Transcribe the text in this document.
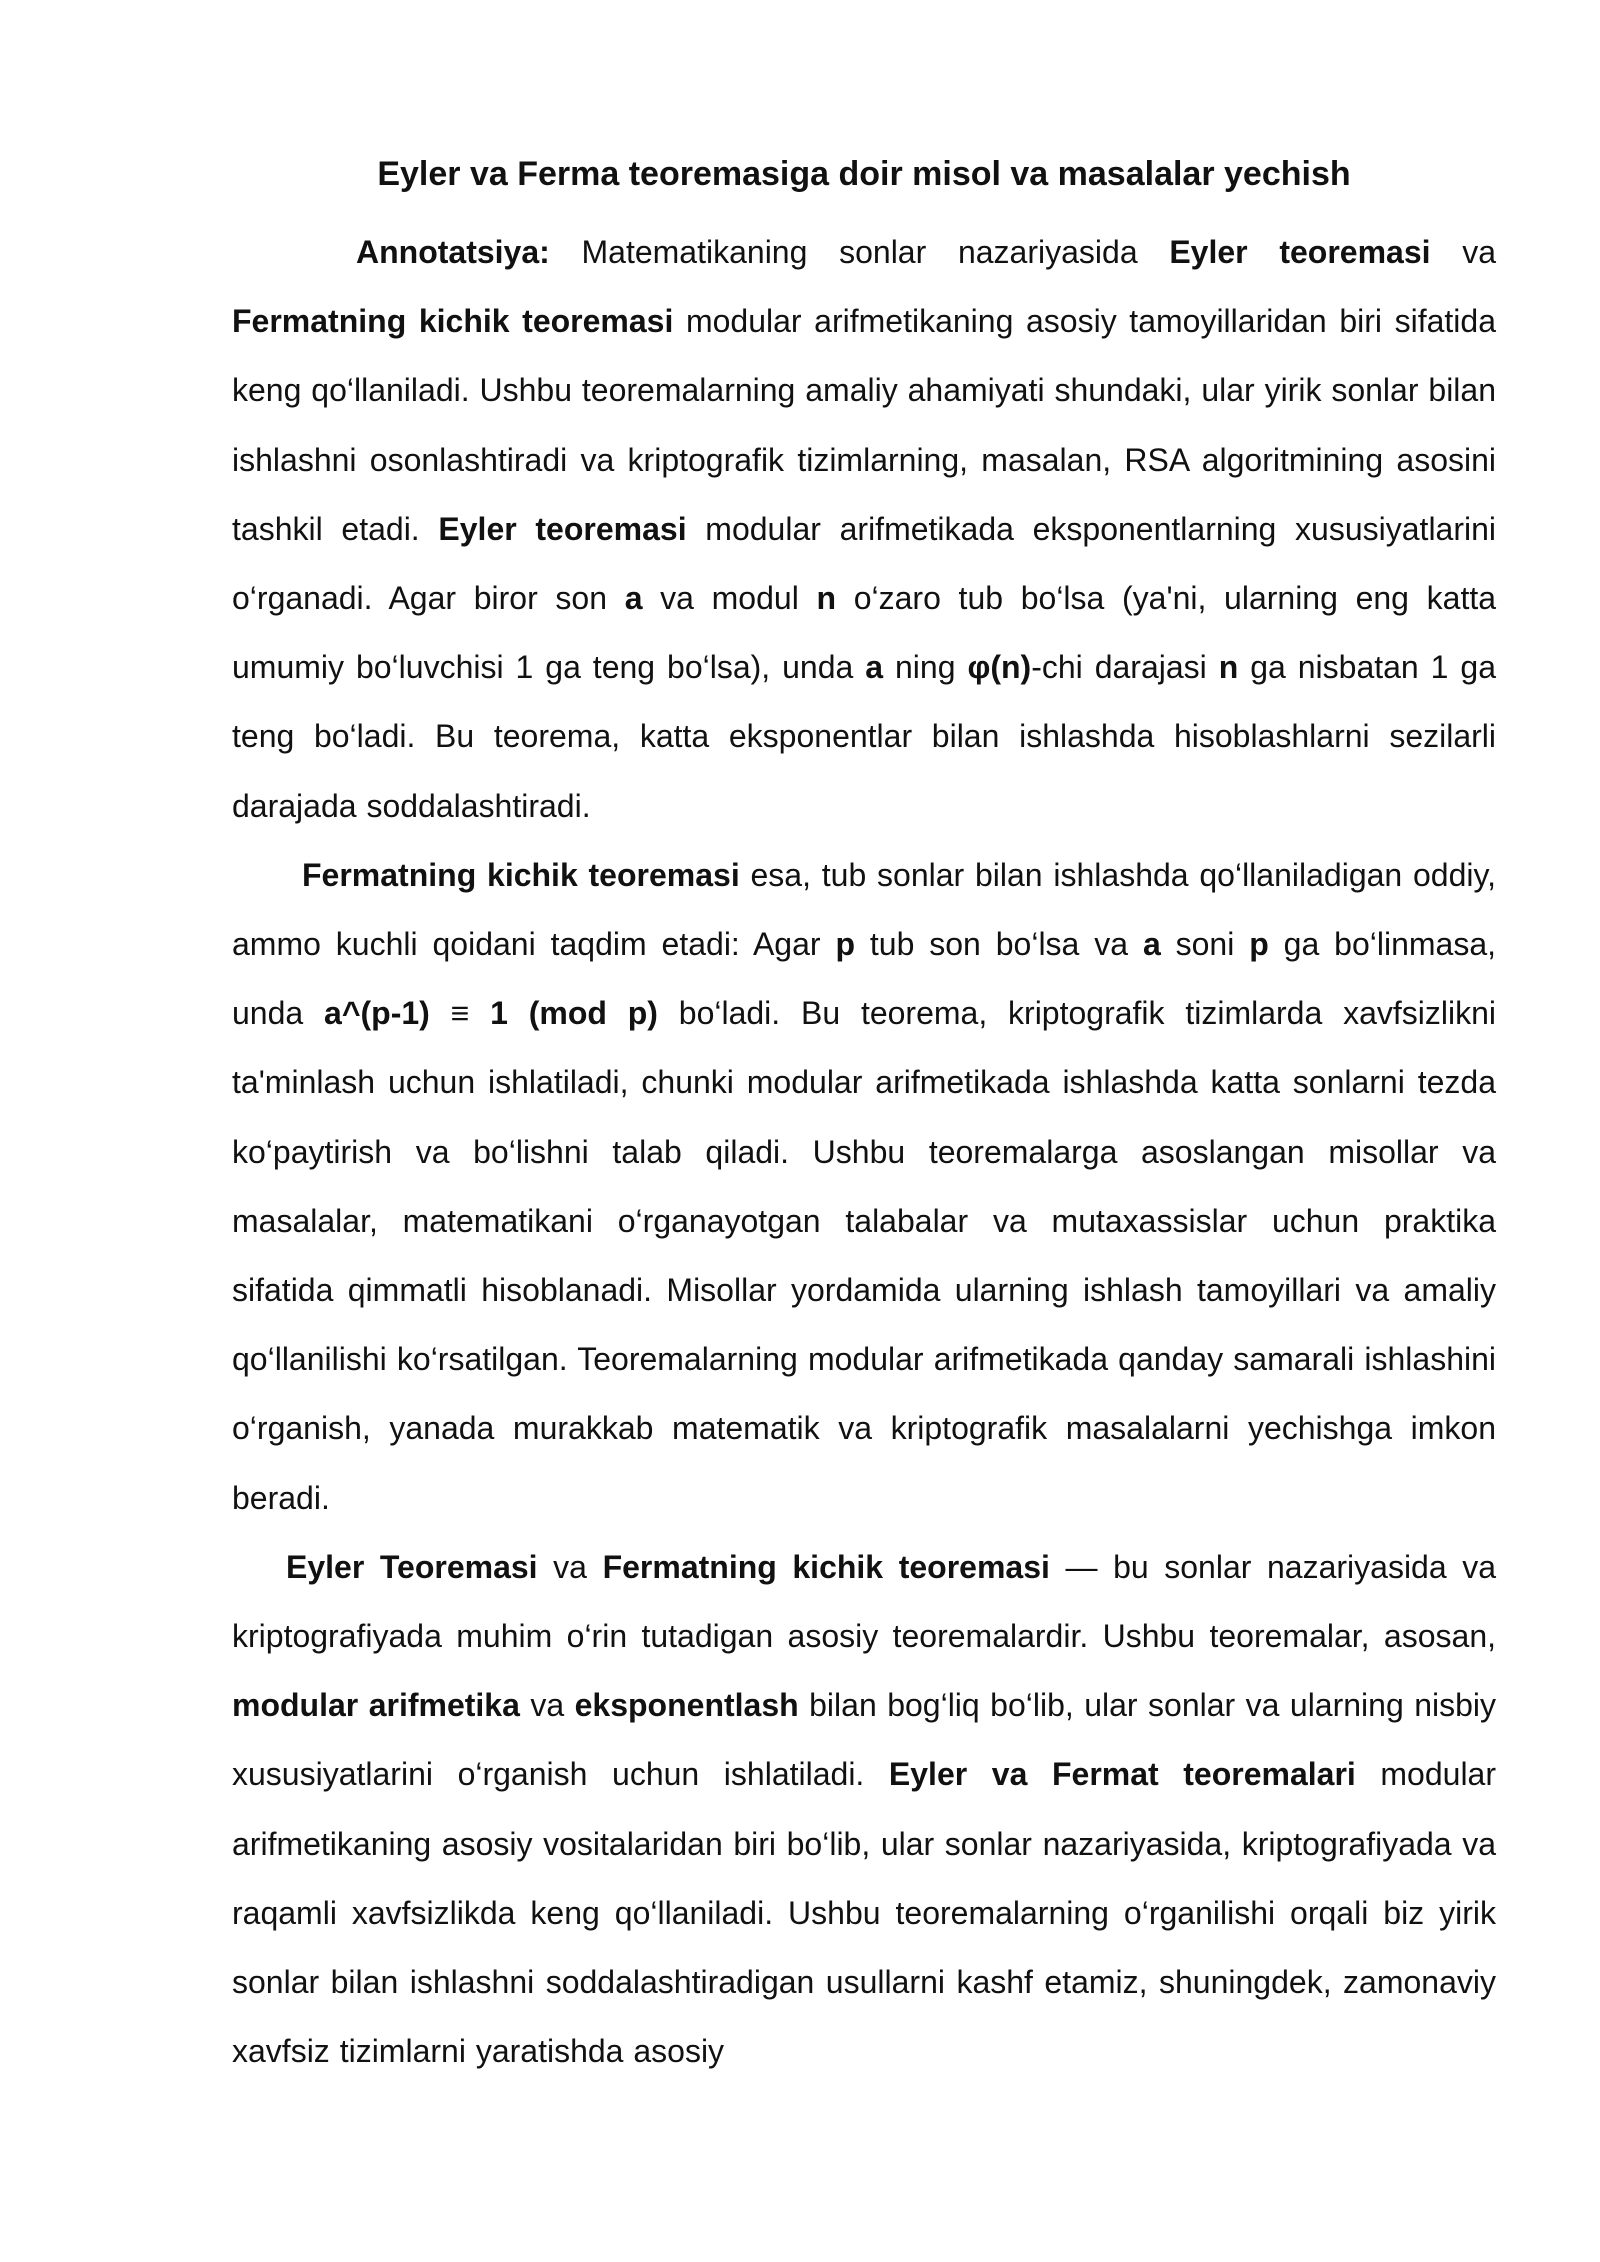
Eyler va Ferma teoremasiga doir misol va masalalar yechish

Annotatsiya: Matematikaning sonlar nazariyasida Eyler teoremasi va Fermatning kichik teoremasi modular arifmetikaning asosiy tamoyillaridan biri sifatida keng qo‘llaniladi. Ushbu teoremalarning amaliy ahamiyati shundaki, ular yirik sonlar bilan ishlashni osonlashtiradi va kriptografik tizimlarning, masalan, RSA algoritmining asosini tashkil etadi. Eyler teoremasi modular arifmetikada eksponentlarning xususiyatlarini o‘rganadi. Agar biror son a va modul n o‘zaro tub bo‘lsa (ya'ni, ularning eng katta umumiy bo‘luvchisi 1 ga teng bo‘lsa), unda a ning φ(n)-chi darajasi n ga nisbatan 1 ga teng bo‘ladi. Bu teorema, katta eksponentlar bilan ishlashda hisoblashlarni sezilarli darajada soddalashtiradi.

Fermatning kichik teoremasi esa, tub sonlar bilan ishlashda qo‘llaniladigan oddiy, ammo kuchli qoidani taqdim etadi: Agar p tub son bo‘lsa va a soni p ga bo‘linmasa, unda a^(p-1) ≡ 1 (mod p) bo‘ladi. Bu teorema, kriptografik tizimlarda xavfsizlikni ta'minlash uchun ishlatiladi, chunki modular arifmetikada ishlashda katta sonlarni tezda ko‘paytirish va bo‘lishni talab qiladi. Ushbu teoremalarga asoslangan misollar va masalalar, matematikani o‘rganayotgan talabalar va mutaxassislar uchun praktika sifatida qimmatli hisoblanadi. Misollar yordamida ularning ishlash tamoyillari va amaliy qo‘llanilishi ko‘rsatilgan. Teoremalarning modular arifmetikada qanday samarali ishlashini o‘rganish, yanada murakkab matematik va kriptografik masalalarni yechishga imkon beradi.

Eyler Teoremasi va Fermatning kichik teoremasi — bu sonlar nazariyasida va kriptografiyada muhim o‘rin tutadigan asosiy teoremalardir. Ushbu teoremalar, asosan, modular arifmetika va eksponentlash bilan bog‘liq bo‘lib, ular sonlar va ularning nisbiy xususiyatlarini o‘rganish uchun ishlatiladi. Eyler va Fermat teoremalari modular arifmetikaning asosiy vositalaridan biri bo‘lib, ular sonlar nazariyasida, kriptografiyada va raqamli xavfsizlikda keng qo‘llaniladi. Ushbu teoremalarning o‘rganilishi orqali biz yirik sonlar bilan ishlashni soddalashtiradigan usullarni kashf etamiz, shuningdek, zamonaviy xavfsiz tizimlarni yaratishda asosiy
